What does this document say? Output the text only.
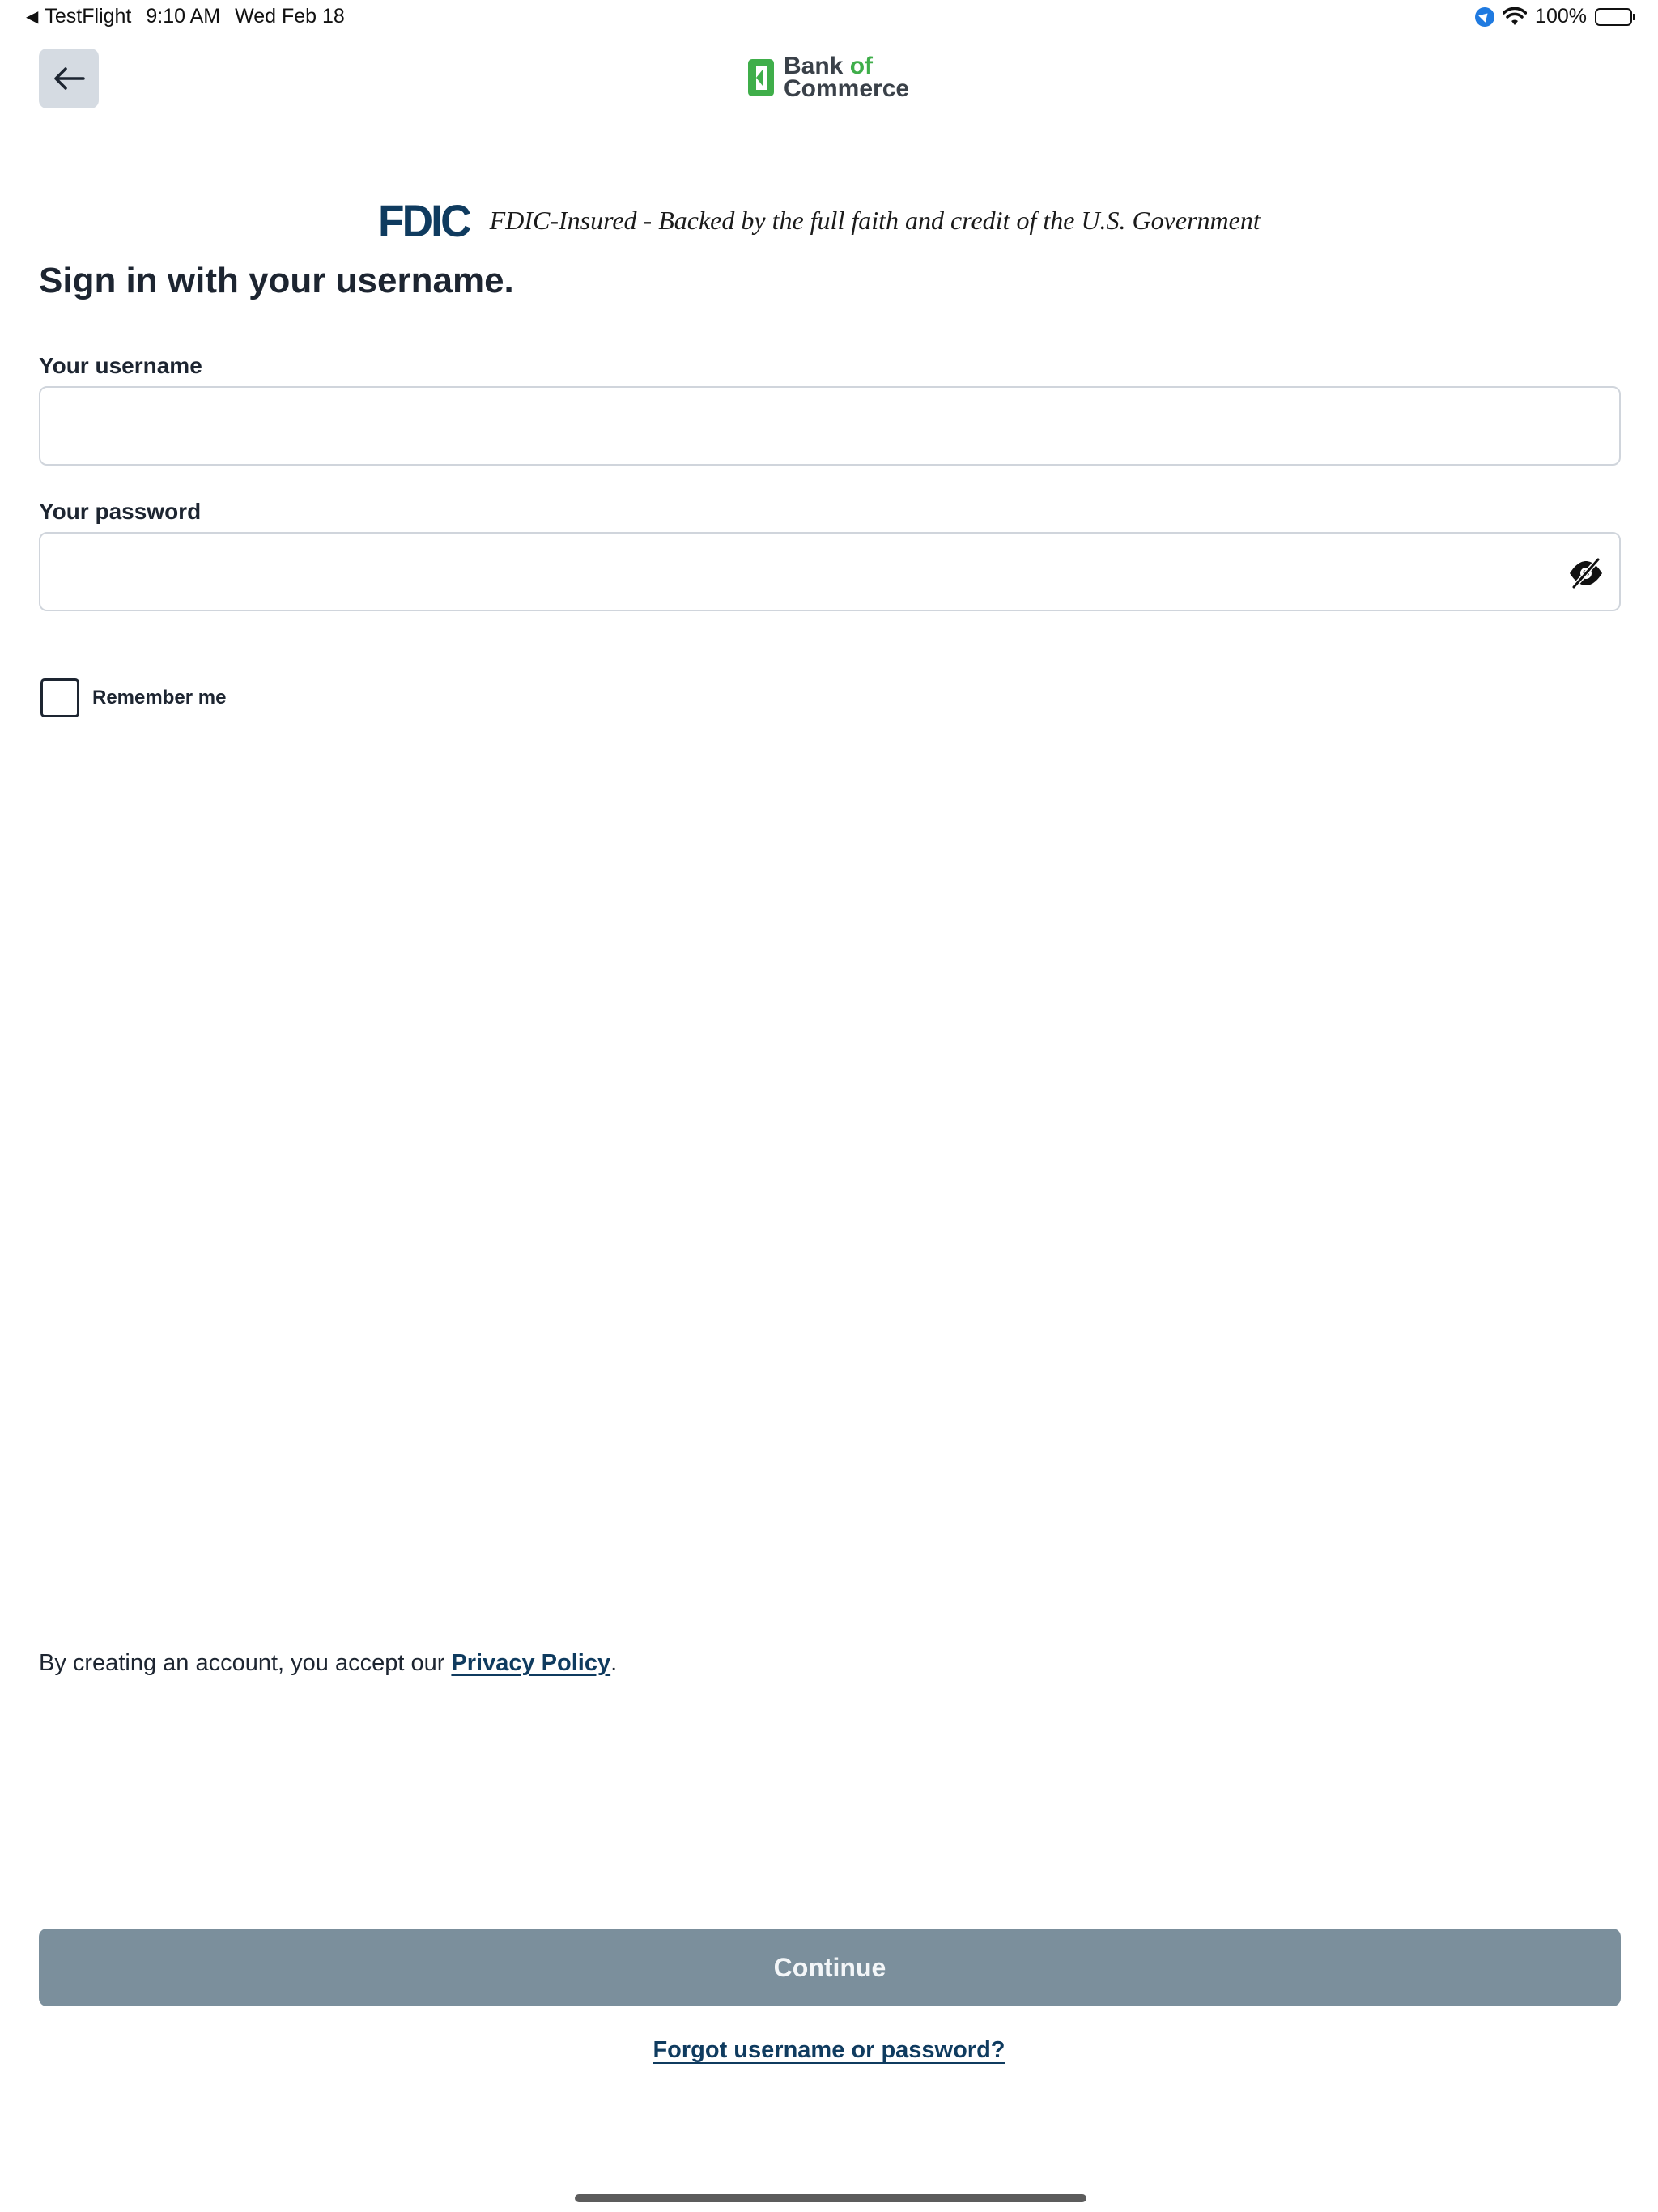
◀ TestFlight 9:10 AM Wed Feb 18	100%
Bank of
Commerce
FDIC FDIC-Insured - Backed by the full faith and credit of the U.S. Government
Sign in with your username.
Your username
Your password
Remember me
By creating an account, you accept our Privacy Policy.
Continue
Forgot username or password?
